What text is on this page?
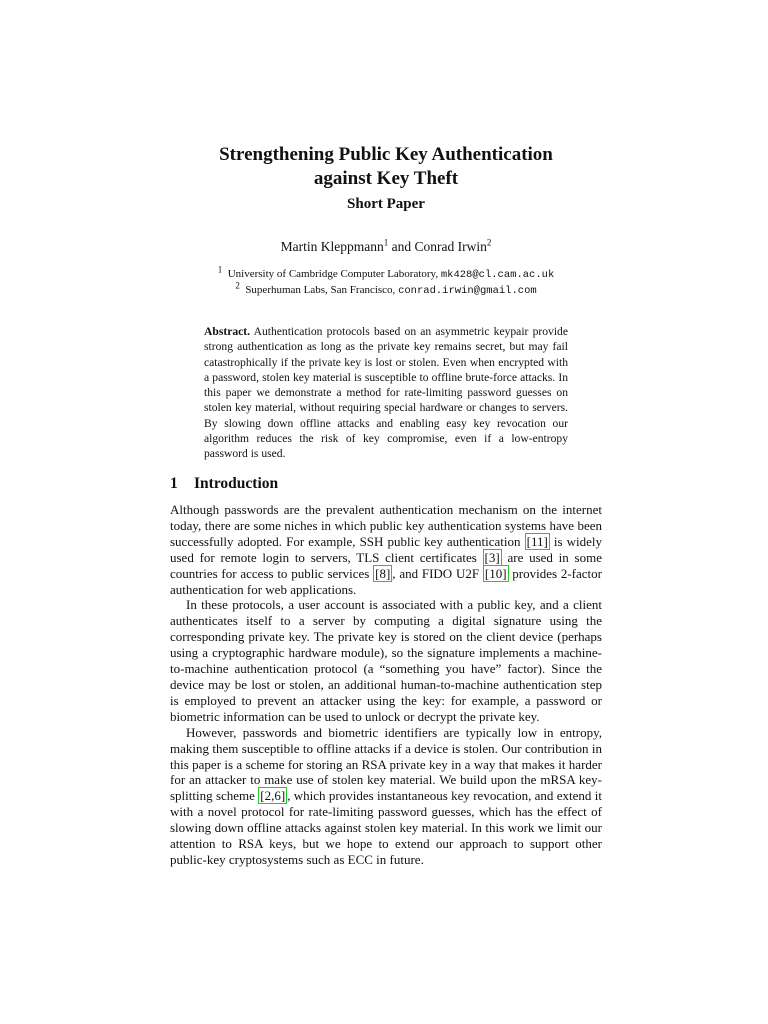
Strengthening Public Key Authentication
against Key Theft
Short Paper
Martin Kleppmann$^1$ and Conrad Irwin$^2$
$^1$ University of Cambridge Computer Laboratory, mk428@cl.cam.ac.uk
$^2$ Superhuman Labs, San Francisco, conrad.irwin@gmail.com
Abstract. Authentication protocols based on an asymmetric keypair provide strong authentication as long as the private key remains secret, but may fail catastrophically if the private key is lost or stolen. Even when encrypted with a password, stolen key material is susceptible to offline brute-force attacks. In this paper we demonstrate a method for rate-limiting password guesses on stolen key material, without requiring special hardware or changes to servers. By slowing down offline attacks and enabling easy key revocation our algorithm reduces the risk of key compromise, even if a low-entropy password is used.
1 Introduction

Although passwords are the prevalent authentication mechanism on the internet today, there are some niches in which public key authentication systems have been successfully adopted. For example, SSH public key authentication [11] is widely used for remote login to servers, TLS client certificates [3] are used in some countries for access to public services [8] , and FIDO U2F [10] provides 2-factor authentication for web applications.

In these protocols, a user account is associated with a public key, and a client authenticates itself to a server by computing a digital signature using the corresponding private key. The private key is stored on the client device (perhaps using a cryptographic hardware module), so the signature implements a machine-to-machine authentication protocol (a “something you have” factor). Since the device may be lost or stolen, an additional human-to-machine authentication step is employed to prevent an attacker using the key: for example, a password or biometric information can be used to unlock or decrypt the private key.

However, passwords and biometric identifiers are typically low in entropy, making them susceptible to offline attacks if a device is stolen. Our contribution in this paper is a scheme for storing an RSA private key in a way that makes it harder for an attacker to make use of stolen key material. We build upon the mRSA key-splitting scheme [2,6] , which provides instantaneous key revocation, and extend it with a novel protocol for rate-limiting password guesses, which has the effect of slowing down offline attacks against stolen key material. In this work we limit our attention to RSA keys, but we hope to extend our approach to support other public-key cryptosystems such as ECC in future.
